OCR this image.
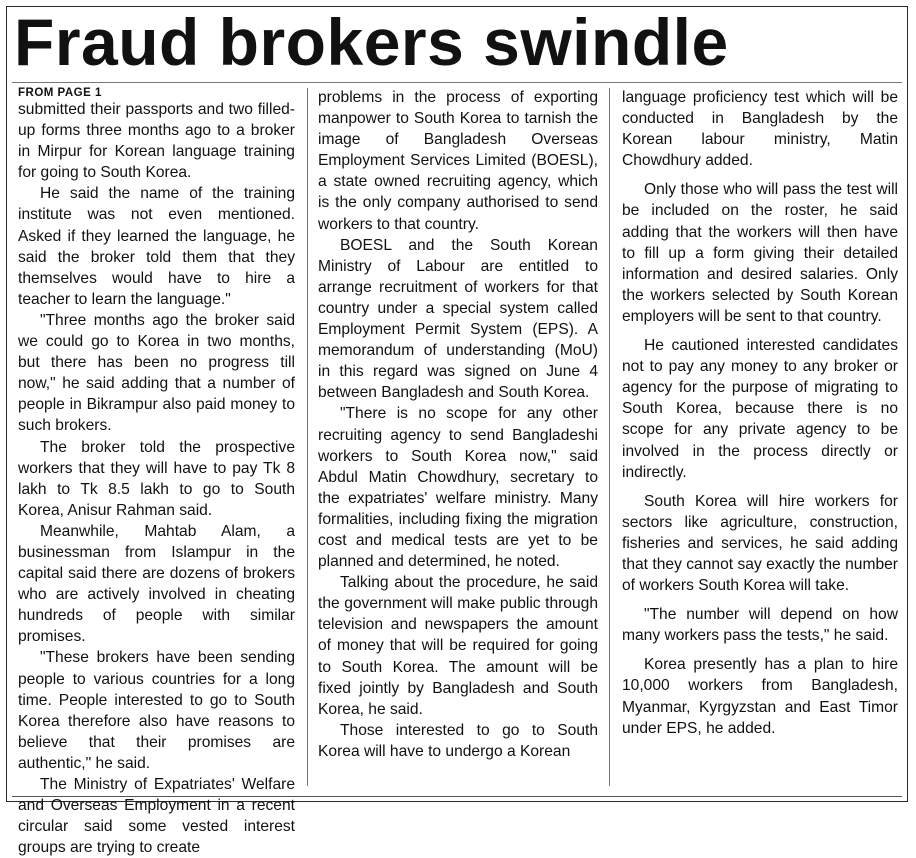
Fraud brokers swindle
FROM PAGE 1

submitted their passports and two filled-up forms three months ago to a broker in Mirpur for Korean language training for going to South Korea.

He said the name of the training institute was not even mentioned. Asked if they learned the language, he said the broker told them that they themselves would have to hire a teacher to learn the language."

"Three months ago the broker said we could go to Korea in two months, but there has been no progress till now," he said adding that a number of people in Bikrampur also paid money to such brokers.

The broker told the prospective workers that they will have to pay Tk 8 lakh to Tk 8.5 lakh to go to South Korea, Anisur Rahman said.

Meanwhile, Mahtab Alam, a businessman from Islampur in the capital said there are dozens of brokers who are actively involved in cheating hundreds of people with similar promises.

"These brokers have been sending people to various countries for a long time. People interested to go to South Korea therefore also have reasons to believe that their promises are authentic," he said.

The Ministry of Expatriates' Welfare and Overseas Employment in a recent circular said some vested interest groups are trying to create

problems in the process of exporting manpower to South Korea to tarnish the image of Bangladesh Overseas Employment Services Limited (BOESL), a state owned recruiting agency, which is the only company authorised to send workers to that country.

BOESL and the South Korean Ministry of Labour are entitled to arrange recruitment of workers for that country under a special system called Employment Permit System (EPS). A memorandum of understanding (MoU) in this regard was signed on June 4 between Bangladesh and South Korea.

"There is no scope for any other recruiting agency to send Bangladeshi workers to South Korea now," said Abdul Matin Chowdhury, secretary to the expatriates' welfare ministry. Many formalities, including fixing the migration cost and medical tests are yet to be planned and determined, he noted.

Talking about the procedure, he said the government will make public through television and newspapers the amount of money that will be required for going to South Korea. The amount will be fixed jointly by Bangladesh and South Korea, he said.

Those interested to go to South Korea will have to undergo a Korean

language proficiency test which will be conducted in Bangladesh by the Korean labour ministry, Matin Chowdhury added.

Only those who will pass the test will be included on the roster, he said adding that the workers will then have to fill up a form giving their detailed information and desired salaries. Only the workers selected by South Korean employers will be sent to that country.

He cautioned interested candidates not to pay any money to any broker or agency for the purpose of migrating to South Korea, because there is no scope for any private agency to be involved in the process directly or indirectly.

South Korea will hire workers for sectors like agriculture, construction, fisheries and services, he said adding that they cannot say exactly the number of workers South Korea will take.

"The number will depend on how many workers pass the tests," he said.

Korea presently has a plan to hire 10,000 workers from Bangladesh, Myanmar, Kyrgyzstan and East Timor under EPS, he added.
